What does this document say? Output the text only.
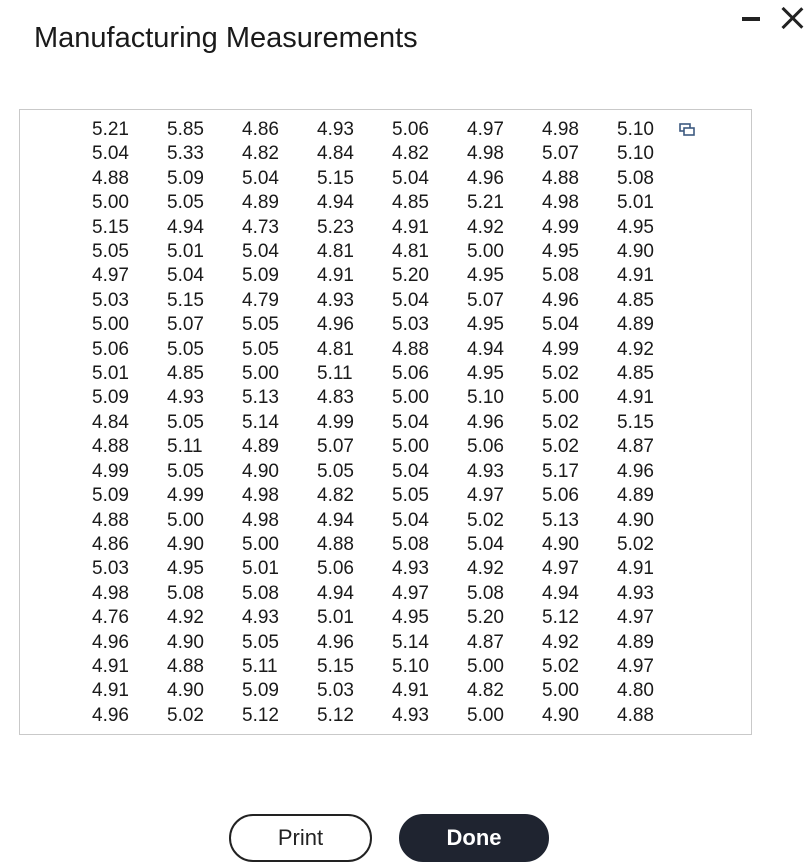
Manufacturing Measurements
5.21	5.85	4.86	4.93	5.06	4.97	4.98	5.10
5.04	5.33	4.82	4.84	4.82	4.98	5.07	5.10
4.88	5.09	5.04	5.15	5.04	4.96	4.88	5.08
5.00	5.05	4.89	4.94	4.85	5.21	4.98	5.01
5.15	4.94	4.73	5.23	4.91	4.92	4.99	4.95
5.05	5.01	5.04	4.81	4.81	5.00	4.95	4.90
4.97	5.04	5.09	4.91	5.20	4.95	5.08	4.91
5.03	5.15	4.79	4.93	5.04	5.07	4.96	4.85
5.00	5.07	5.05	4.96	5.03	4.95	5.04	4.89
5.06	5.05	5.05	4.81	4.88	4.94	4.99	4.92
5.01	4.85	5.00	5.11	5.06	4.95	5.02	4.85
5.09	4.93	5.13	4.83	5.00	5.10	5.00	4.91
4.84	5.05	5.14	4.99	5.04	4.96	5.02	5.15
4.88	5.11	4.89	5.07	5.00	5.06	5.02	4.87
4.99	5.05	4.90	5.05	5.04	4.93	5.17	4.96
5.09	4.99	4.98	4.82	5.05	4.97	5.06	4.89
4.88	5.00	4.98	4.94	5.04	5.02	5.13	4.90
4.86	4.90	5.00	4.88	5.08	5.04	4.90	5.02
5.03	4.95	5.01	5.06	4.93	4.92	4.97	4.91
4.98	5.08	5.08	4.94	4.97	5.08	4.94	4.93
4.76	4.92	4.93	5.01	4.95	5.20	5.12	4.97
4.96	4.90	5.05	4.96	5.14	4.87	4.92	4.89
4.91	4.88	5.11	5.15	5.10	5.00	5.02	4.97
4.91	4.90	5.09	5.03	4.91	4.82	5.00	4.80
4.96	5.02	5.12	5.12	4.93	5.00	4.90	4.88
Print	Done
